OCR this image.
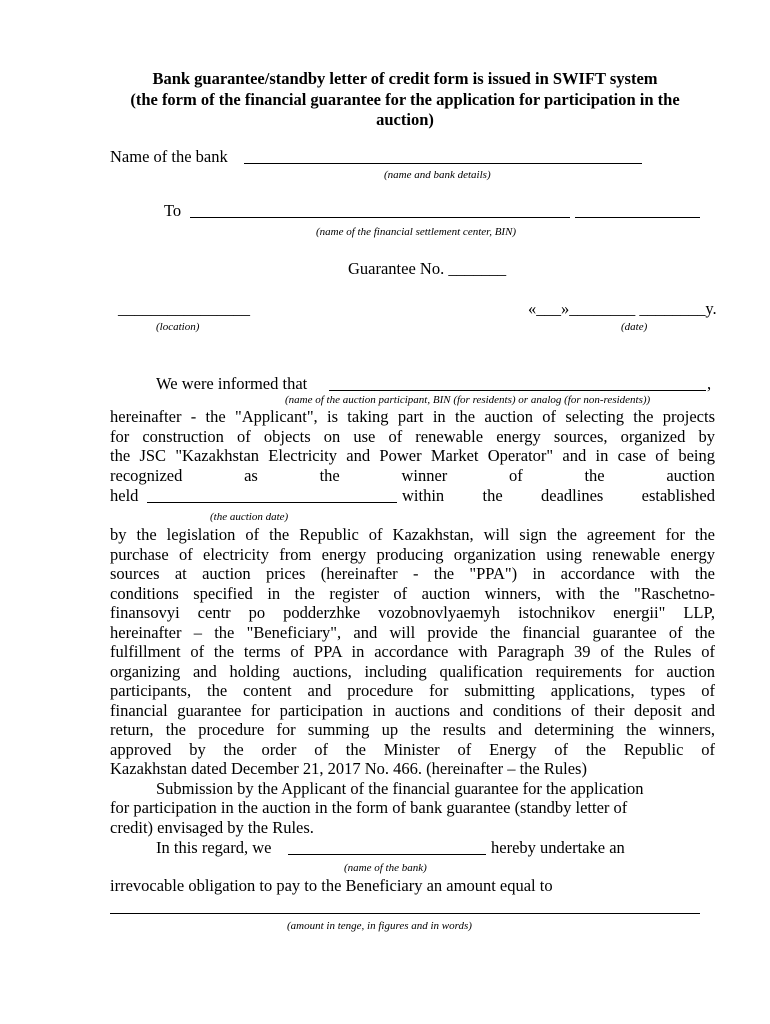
Bank guarantee/standby letter of credit form is issued in SWIFT system
(the form of the financial guarantee for the application for participation in the
auction)
Name of the bank
(name and bank details)
To
(name of the financial settlement center, BIN)
Guarantee No. _______
________________	«___»________ ________y.
(location)	(date)
We were informed that	,
(name of the auction participant, BIN (for residents) or analog (for non-residents))
hereinafter - the "Applicant", is taking part in the auction of selecting the projects
for construction of objects on use of renewable energy sources, organized by
the JSC "Kazakhstan Electricity and Power Market Operator" and in case of being
recognized	as	the	winner	of	the	auction
held	within the deadlines established
(the auction date)
by the legislation of the Republic of Kazakhstan, will sign the agreement for the
purchase of electricity from energy producing organization using renewable energy
sources at auction prices (hereinafter - the "PPA") in accordance with the
conditions specified in the register of auction winners, with the "Raschetno-
finansovyi centr po podderzhke vozobnovlyaemyh istochnikov energii" LLP,
hereinafter – the "Beneficiary", and will provide the financial guarantee of the
fulfillment of the terms of PPA in accordance with Paragraph 39 of the Rules of
organizing and holding auctions, including qualification requirements for auction
participants, the content and procedure for submitting applications, types of
financial guarantee for participation in auctions and conditions of their deposit and
return, the procedure for summing up the results and determining the winners,
approved by the order of the Minister of Energy of the Republic of
Kazakhstan dated December 21, 2017 No. 466. (hereinafter – the Rules)
Submission by the Applicant of the financial guarantee for the application
for participation in the auction in the form of bank guarantee (standby letter of
credit) envisaged by the Rules.
In this regard, we	hereby undertake an
(name of the bank)
irrevocable obligation to pay to the Beneficiary an amount equal to
(amount in tenge, in figures and in words)
